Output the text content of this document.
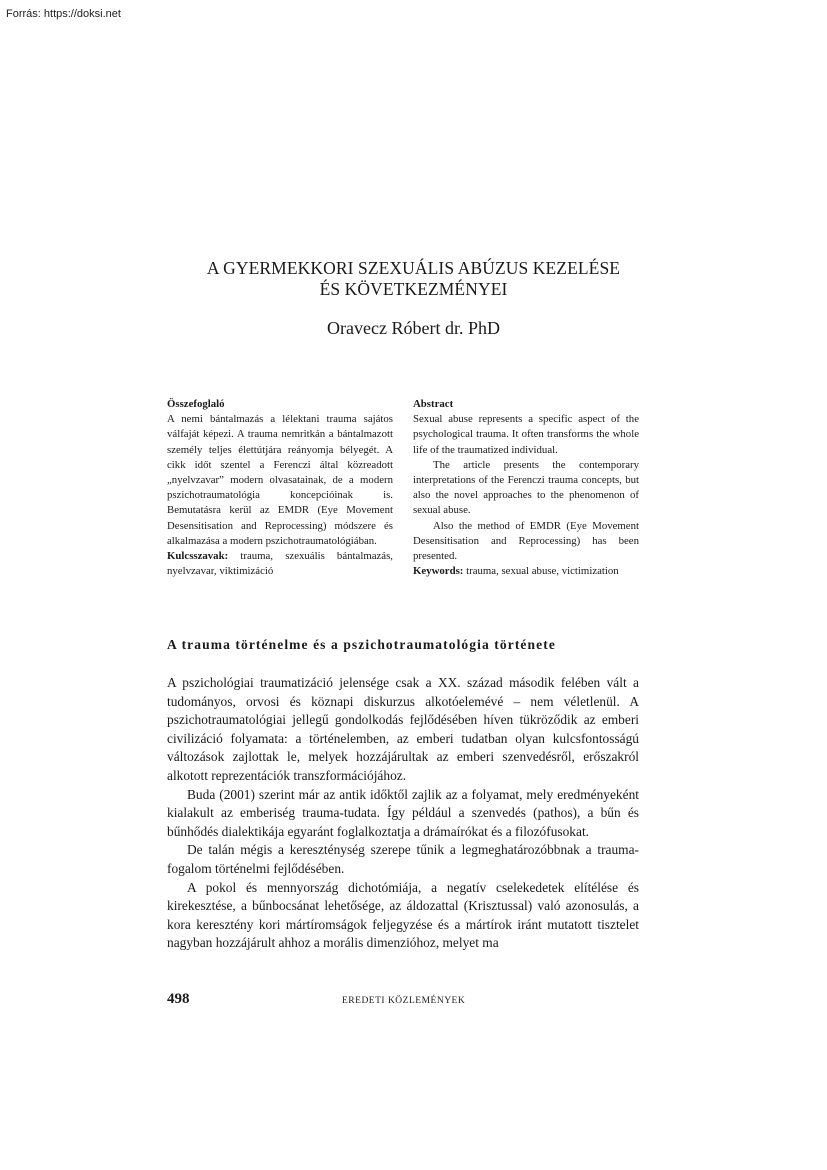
Forrás: https://doksi.net
A GYERMEKKORI SZEXUÁLIS ABÚZUS KEZELÉSE
ÉS KÖVETKEZMÉNYEI
Oravecz Róbert dr. PhD
Összefoglaló

A nemi bántalmazás a lélektani trauma sajátos válfaját képezi. A trauma nemritkán a bántalmazott személy teljes élettútjára reányomja bélyegét. A cikk időt szentel a Ferenczi által közreadott „nyelvzavar” modern olvasatainak, de a modern pszichotraumatológia koncepcióinak is. Bemutatásra kerül az EMDR (Eye Movement Desensitisation and Reprocessing) módszere és alkalmazása a modern pszichotraumatológiában.

Kulcsszavak: trauma, szexuális bántalmazás, nyelvzavar, viktimizáció

Abstract

Sexual abuse represents a specific aspect of the psychological trauma. It often transforms the whole life of the traumatized individual.

The article presents the contemporary interpretations of the Ferenczi trauma concepts, but also the novel approaches to the phenomenon of sexual abuse.

Also the method of EMDR (Eye Movement Desensitisation and Reprocessing) has been presented.

Keywords: trauma, sexual abuse, victimization

A trauma történelme és a pszichotraumatológia története

A pszichológiai traumatizáció jelensége csak a XX. század második felében vált a tudományos, orvosi és köznapi diskurzus alkotóelemévé – nem véletlenül. A pszichotraumatológiai jellegű gondolkodás fejlődésében híven tükröződik az emberi civilizáció folyamata: a történelemben, az emberi tudatban olyan kulcsfontosságú változások zajlottak le, melyek hozzájárultak az emberi szenvedésről, erőszakról alkotott reprezentációk transzformációjához.

Buda (2001) szerint már az antik időktől zajlik az a folyamat, mely eredményeként kialakult az emberiség trauma-tudata. Így például a szenvedés (pathos), a bűn és bűnhődés dialektikája egyaránt foglalkoztatja a drámaírókat és a filozófusokat.

De talán mégis a kereszténység szerepe tűnik a legmeghatározóbbnak a trauma-fogalom történelmi fejlődésében.

A pokol és mennyország dichotómiája, a negatív cselekedetek elítélése és kirekesztése, a bűnbocsánat lehetősége, az áldozattal (Krisztussal) való azonosulás, a kora keresztény kori mártíromságok feljegyzése és a mártírok iránt mutatott tisztelet nagyban hozzájárult ahhoz a morális dimenzióhoz, melyet ma

498	EREDETI KÖZLEMÉNYEK
